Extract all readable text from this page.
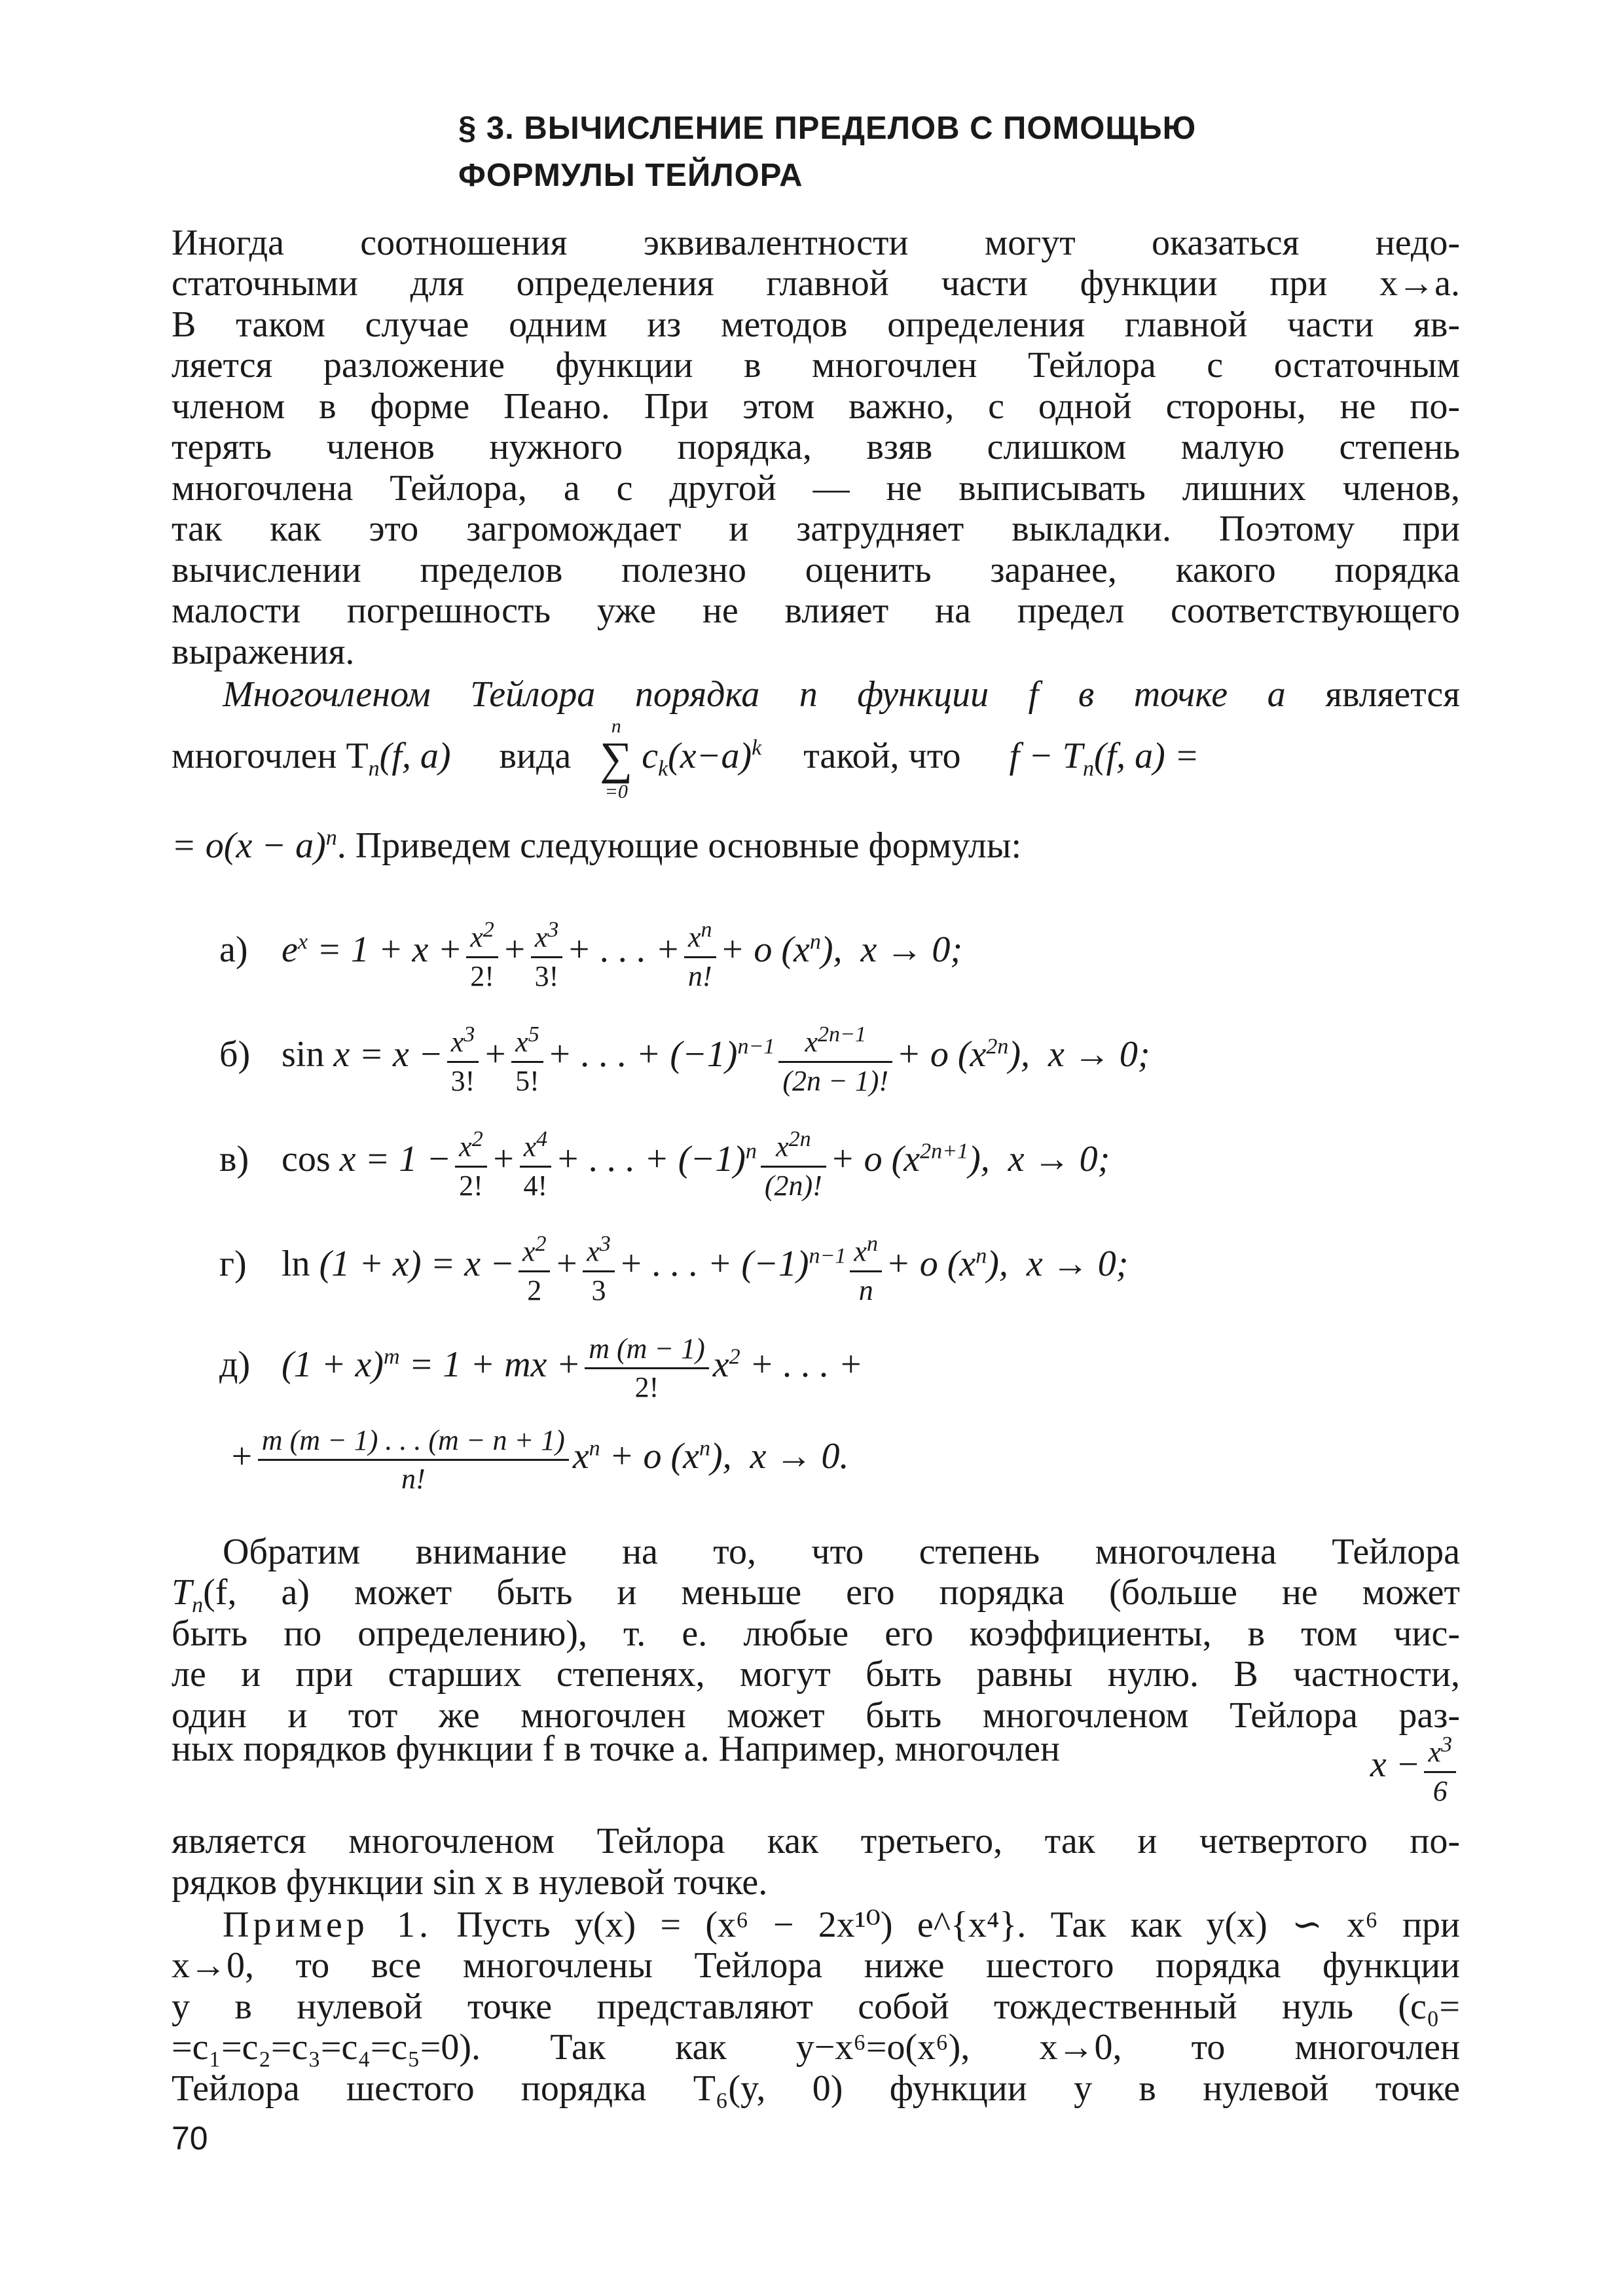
§ 3. ВЫЧИСЛЕНИЕ ПРЕДЕЛОВ С ПОМОЩЬЮ
ФОРМУЛЫ ТЕЙЛОРА
Иногда соотношения эквивалентности могут оказаться недо-
статочными для определения главной части функции при x→a.
В таком случае одним из методов определения главной части яв-
ляется разложение функции в многочлен Тейлора с остаточным
членом в форме Пеано. При этом важно, с одной стороны, не по-
терять членов нужного порядка, взяв слишком малую степень
многочлена Тейлора, а с другой — не выписывать лишних членов,
так как это загромождает и затрудняет выкладки. Поэтому при
вычислении пределов полезно оценить заранее, какого порядка
малости погрешность уже не влияет на предел соответствующего
выражения.
Многочленом Тейлора порядка n функции f в точке a является
многочлен $T_n(f$, a) вида
n
∑
=0
$c_k(x-a)^k$ такой, что $f - T_n(f$, a) =
= $o(x - a)^n$. Приведем следующие основные формулы:
а) $e^x = 1 + x + \frac{x^2}{2!} + \frac{x^3}{3!}$ + . . . + $\frac{x^n}{n!} + o$ $(x^n)$,  x → 0;
б) $\sin x = x - \frac{x^3}{3!} + \frac{x^5}{5!}$ + . . . + $(-1)^{n-1} \frac{x^{2n-1}}{(2n - 1)!} + o$ $(x^{2n})$,  x → 0;
в) $\cos x = 1 - \frac{x^2}{2!} + \frac{x^4}{4!}$ + . . . + $(-1)^n \frac{x^{2n}}{(2n)!} + o$ $(x^{2n+1})$,  x → 0;
г) $\ln (1 + x) = x - \frac{x^2}{2} + \frac{x^3}{3}$ + . . . + $(-1)^{n-1} \frac{x^n}{n} + o$ $(x^n)$,  x → 0;
д) $(1 + x)^m = 1$ + mx + $\frac{m (m - 1)}{2!} x^2$ + . . . +
+ $\frac{m (m - 1) . . . (m - n + 1)}{n!} x^n + o$ $(x^n)$,  x → 0.
Обратим внимание на то, что степень многочлена Тейлора
$T_n(f$, a) может быть и меньше его порядка (больше не может
быть по определению), т. е. любые его коэффициенты, в том чис-
ле и при старших степенях, могут быть равны нулю. В частности,
один и тот же многочлен может быть многочленом Тейлора раз-
ных порядков функции f в точке a. Например, многочлен	$x - \frac{x^3}{6}$
является многочленом Тейлора как третьего, так и четвертого по-
рядков функции sin x в нулевой точке.
Пример 1. Пусть y(x) = (x⁶ − 2x¹⁰) e^{x⁴}. Так как y(x) ∽ x⁶ при
x→0, то все многочлены Тейлора ниже шестого порядка функции
y в нулевой точке представляют собой тождественный нуль (c₀=
=c₁=c₂=c₃=c₄=c₅=0). Так как y−x⁶=o(x⁶), x→0, то многочлен
Тейлора шестого порядка T₆(y, 0) функции y в нулевой точке
70
